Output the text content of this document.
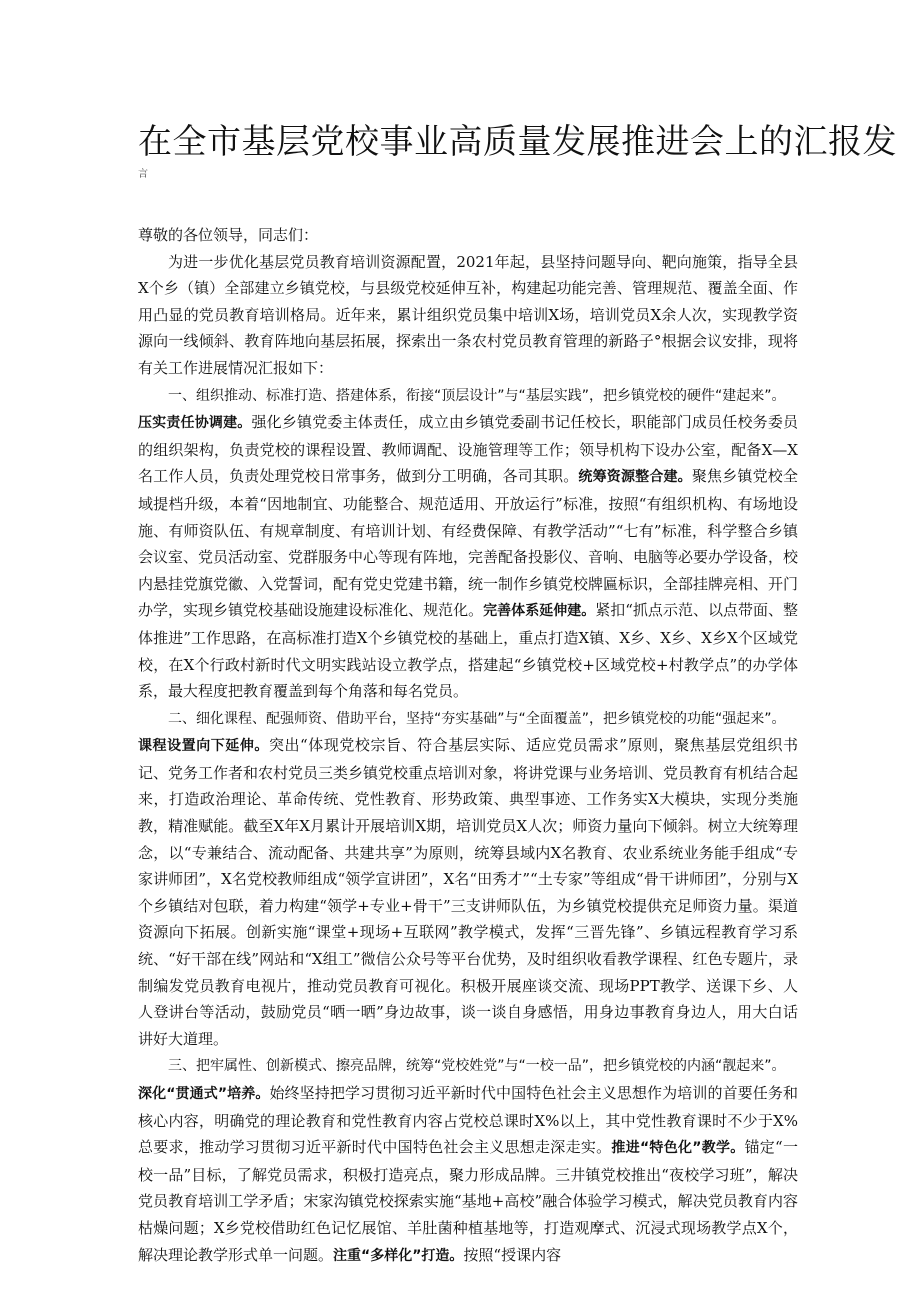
在全市基层党校事业高质量发展推进会上的汇报发
言

尊敬的各位领导，同志们：

为进一步优化基层党员教育培训资源配置，2021年起，县坚持问题导向、靶向施策，指导全县X个乡（镇）全部建立乡镇党校，与县级党校延伸互补，构建起功能完善、管理规范、覆盖全面、作用凸显的党员教育培训格局。近年来，累计组织党员集中培训X场，培训党员X余人次，实现教学资源向一线倾斜、教育阵地向基层拓展，探索出一条农村党员教育管理的新路子°根据会议安排，现将有关工作进展情况汇报如下：

一、组织推动、标准打造、搭建体系，衔接“顶层设计”与“基层实践”，把乡镇党校的硬件“建起来”。

压实责任协调建。强化乡镇党委主体责任，成立由乡镇党委副书记任校长，职能部门成员任校务委员的组织架构，负责党校的课程设置、教师调配、设施管理等工作；领导机构下设办公室，配备X—X名工作人员，负责处理党校日常事务，做到分工明确，各司其职。统筹资源整合建。聚焦乡镇党校全域提档升级，本着“因地制宜、功能整合、规范适用、开放运行”标准，按照“有组织机构、有场地设施、有师资队伍、有规章制度、有培训计划、有经费保障、有教学活动”“七有”标准，科学整合乡镇会议室、党员活动室、党群服务中心等现有阵地，完善配备投影仪、音响、电脑等必要办学设备，校内悬挂党旗党徽、入党誓词，配有党史党建书籍，统一制作乡镇党校牌匾标识，全部挂牌亮相、开门办学，实现乡镇党校基础设施建设标准化、规范化。完善体系延伸建。紧扣“抓点示范、以点带面、整体推进”工作思路，在高标准打造X个乡镇党校的基础上，重点打造X镇、X乡、X乡、X乡X个区域党校，在X个行政村新时代文明实践站设立教学点，搭建起“乡镇党校+区域党校+村教学点”的办学体系，最大程度把教育覆盖到每个角落和每名党员。

二、细化课程、配强师资、借助平台，坚持“夯实基础”与“全面覆盖”，把乡镇党校的功能“强起来”。

课程设置向下延伸。突出“体现党校宗旨、符合基层实际、适应党员需求”原则，聚焦基层党组织书记、党务工作者和农村党员三类乡镇党校重点培训对象，将讲党课与业务培训、党员教育有机结合起来，打造政治理论、革命传统、党性教育、形势政策、典型事迹、工作务实X大模块，实现分类施教，精准赋能。截至X年X月累计开展培训X期，培训党员X人次；师资力量向下倾斜。树立大统筹理念，以“专兼结合、流动配备、共建共享”为原则，统筹县域内X名教育、农业系统业务能手组成“专家讲师团”，X名党校教师组成“领学宣讲团”，X名“田秀才”“土专家”等组成“骨干讲师团”，分别与X个乡镇结对包联，着力构建“领学+专业+骨干”三支讲师队伍，为乡镇党校提供充足师资力量。渠道资源向下拓展。创新实施“课堂+现场+互联网”教学模式，发挥“三晋先锋”、乡镇远程教育学习系统、“好干部在线”网站和“X组工”微信公众号等平台优势，及时组织收看教学课程、红色专题片，录制编发党员教育电视片，推动党员教育可视化。积极开展座谈交流、现场PPT教学、送课下乡、人人登讲台等活动，鼓励党员“晒一晒”身边故事，谈一谈自身感悟，用身边事教育身边人，用大白话讲好大道理。

三、把牢属性、创新模式、擦亮品牌，统筹“党校姓党”与“一校一品”，把乡镇党校的内涵“靓起来”。

深化“贯通式”培养。始终坚持把学习贯彻习近平新时代中国特色社会主义思想作为培训的首要任务和核心内容，明确党的理论教育和党性教育内容占党校总课时X%以上，其中党性教育课时不少于X%总要求，推动学习贯彻习近平新时代中国特色社会主义思想走深走实。推进“特色化”教学。锚定“一校一品”目标，了解党员需求，积极打造亮点，聚力形成品牌。三井镇党校推出“夜校学习班”，解决党员教育培训工学矛盾；宋家沟镇党校探索实施“基地+高校”融合体验学习模式，解决党员教育内容枯燥问题；X乡党校借助红色记忆展馆、羊肚菌种植基地等，打造观摩式、沉浸式现场教学点X个，解决理论教学形式单一问题。注重“多样化”打造。按照“授课内容
